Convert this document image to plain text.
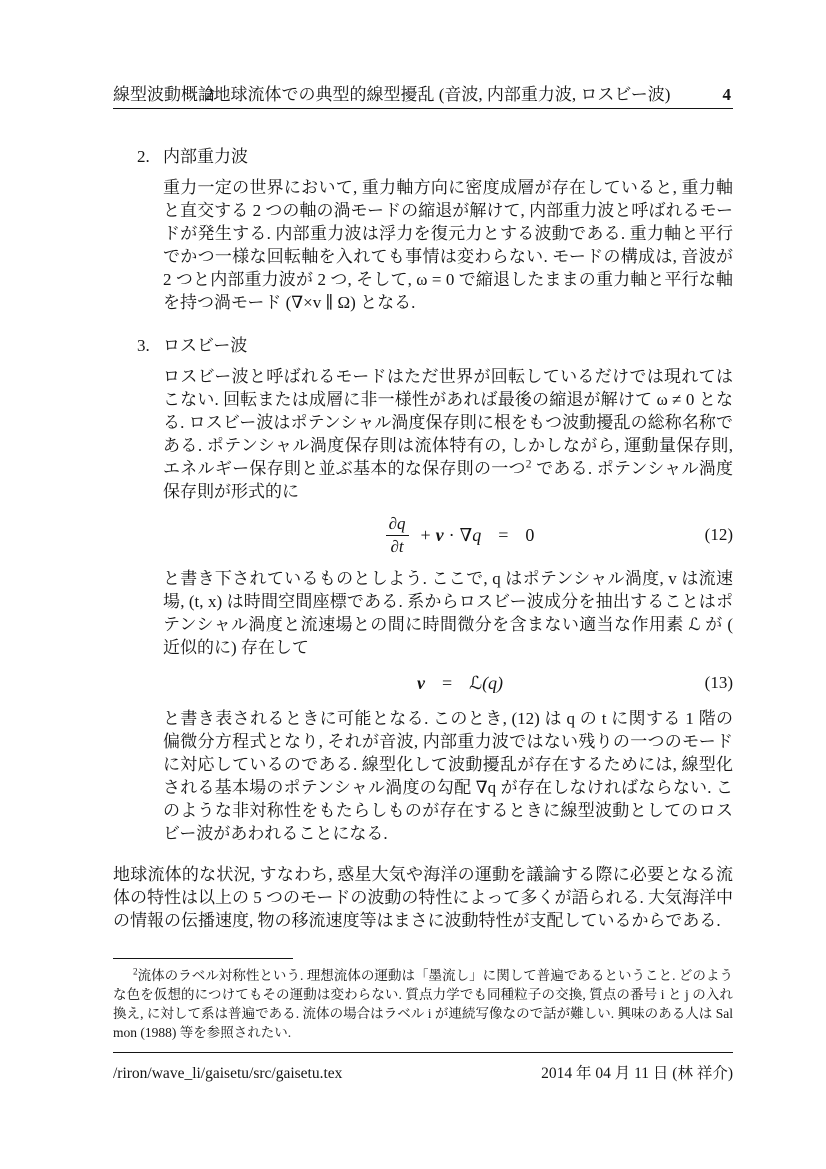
線型波動概論
2地球流体での典型的線型擾乱 (音波, 内部重力波, ロスビー波)	4
2. 内部重力波

重力一定の世界において, 重力軸方向に密度成層が存在していると, 重力軸と直交する 2 つの軸の渦モードの縮退が解けて, 内部重力波と呼ばれるモードが発生する. 内部重力波は浮力を復元力とする波動である. 重力軸と平行でかつ一様な回転軸を入れても事情は変わらない. モードの構成は, 音波が 2 つと内部重力波が 2 つ, そして, ω = 0 で縮退したままの重力軸と平行な軸を持つ渦モード (∇×v ∥ Ω) となる.

3. ロスビー波

ロスビー波と呼ばれるモードはただ世界が回転しているだけでは現れてはこない. 回転または成層に非一様性があれば最後の縮退が解けて ω ≠ 0 となる. ロスビー波はポテンシャル渦度保存則に根をもつ波動擾乱の総称名称である. ポテンシャル渦度保存則は流体特有の, しかしながら, 運動量保存則, エネルギー保存則と並ぶ基本的な保存則の一つ$^2$ である. ポテンシャル渦度保存則が形式的に

$\frac{\partial q}{\partial t} + v \cdot \nabla q = 0$	(12)

と書き下されているものとしよう. ここで, q はポテンシャル渦度, v は流速場, (t, x) は時間空間座標である. 系からロスビー波成分を抽出することはポテンシャル渦度と流速場との間に時間微分を含まない適当な作用素 ℒ が (近似的に) 存在して

v = ℒ (q)	(13)

と書き表されるときに可能となる. このとき, (12) は q の t に関する 1 階の偏微分方程式となり, それが音波, 内部重力波ではない残りの一つのモードに対応しているのである. 線型化して波動擾乱が存在するためには, 線型化される基本場のポテンシャル渦度の勾配 ∇q が存在しなければならない. このような非対称性をもたらしものが存在するときに線型波動としてのロスビー波があわれることになる.

地球流体的な状況, すなわち, 惑星大気や海洋の運動を議論する際に必要となる流体の特性は以上の 5 つのモードの波動の特性によって多くが語られる. 大気海洋中の情報の伝播速度, 物の移流速度等はまさに波動特性が支配しているからである.

$^2$流体のラベル対称性という. 理想流体の運動は「墨流し」に関して普遍であるということ. どのような色を仮想的につけてもその運動は変わらない. 質点力学でも同種粒子の交換, 質点の番号 i と j の入れ換え, に対して系は普遍である. 流体の場合はラベル i が連続写像なので話が難しい. 興味のある人は Salmon (1988) 等を参照されたい.

/riron/wave_li/gaisetu/src/gaisetu.tex	2014 年 04 月 11 日 (林 祥介)
